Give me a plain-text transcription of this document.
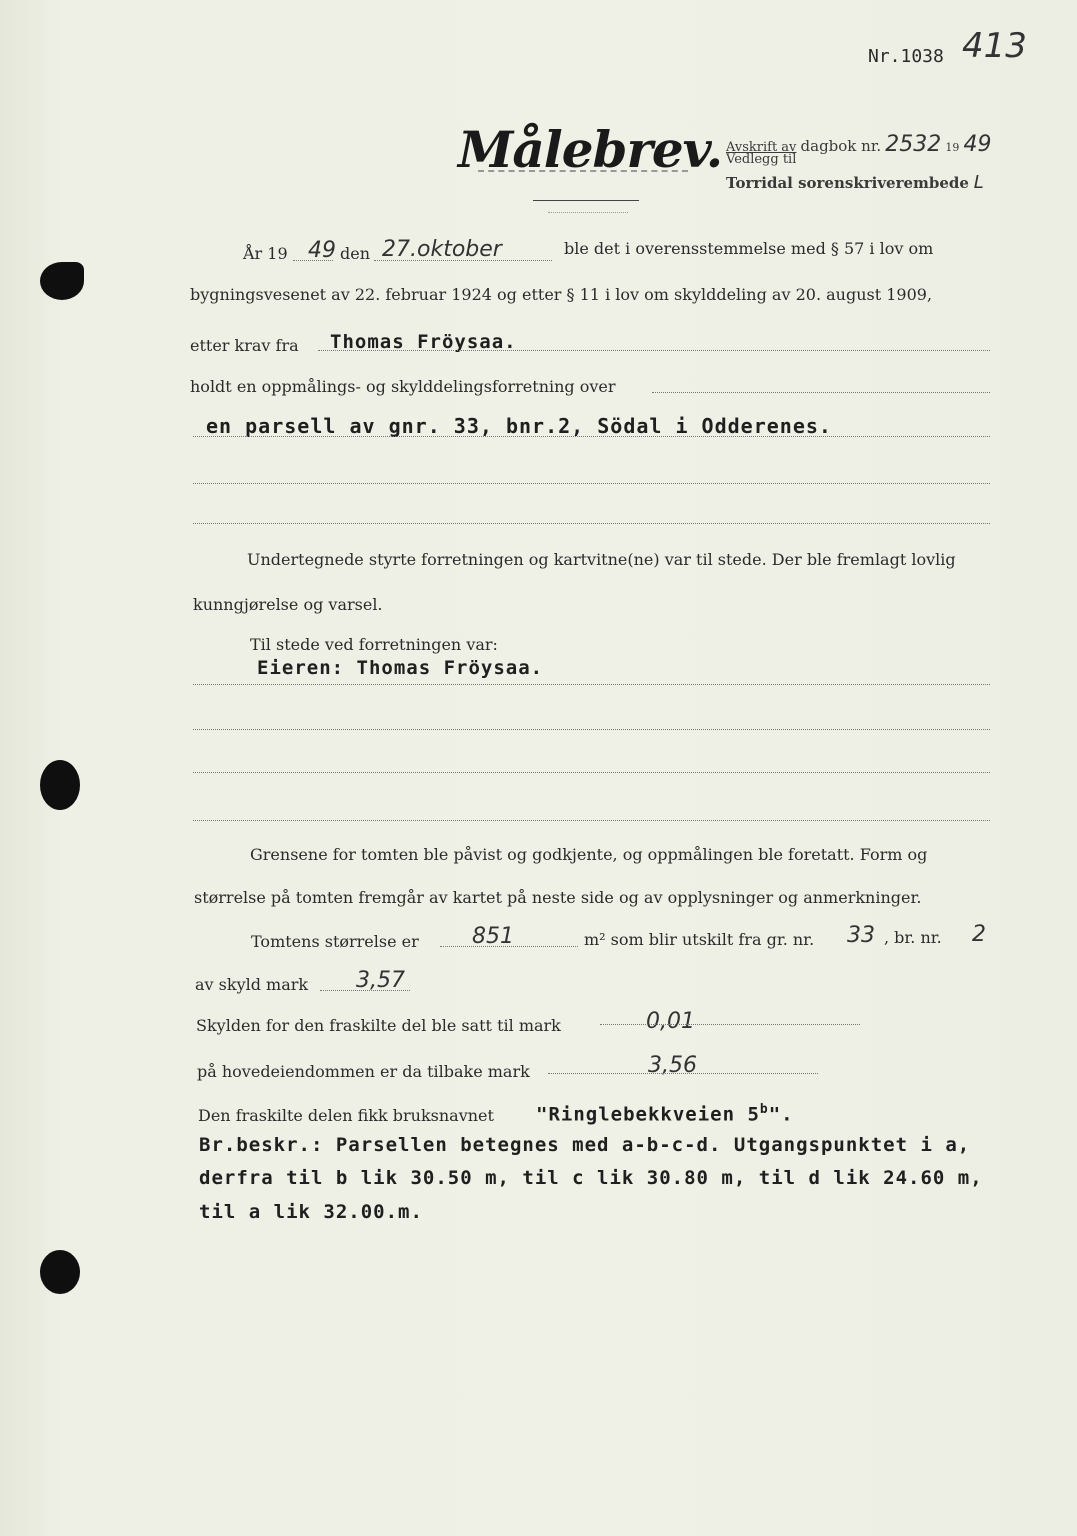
Nr.1038 413
Målebrev. Avskrift av dagbok nr. 2532 19 49
Vedlegg til
Torridal sorenskriverembede L
År 19 49 den 27.oktober	ble det i overensstemmelse med § 57 i lov om
bygningsvesenet av 22. februar 1924 og etter § 11 i lov om skylddeling av 20. august 1909,
etter krav fra Thomas Fröysaa.
holdt en oppmålings- og skylddelingsforretning over
en parsell av gnr. 33, bnr.2, Södal i Odderenes.
Undertegnede styrte forretningen og kartvitne(ne) var til stede. Der ble fremlagt lovlig
kunngjørelse og varsel.
Til stede ved forretningen var:
Eieren: Thomas Fröysaa.
Grensene for tomten ble påvist og godkjente, og oppmålingen ble foretatt. Form og
størrelse på tomten fremgår av kartet på neste side og av opplysninger og anmerkninger.
Tomtens størrelse er 851	m² som blir utskilt fra gr. nr. 33 , br. nr. 2
av skyld mark 3,57
Skylden for den fraskilte del ble satt til mark	0,01
på hovedeiendommen er da tilbake mark	3,56
Den fraskilte delen fikk bruksnavnet "Ringlebekkveien 5$^b$".
Br.beskr.: Parsellen betegnes med a-b-c-d. Utgangspunktet i a,
derfra til b lik 30.50 m, til c lik 30.80 m, til d lik 24.60 m,
til a lik 32.00.m.
